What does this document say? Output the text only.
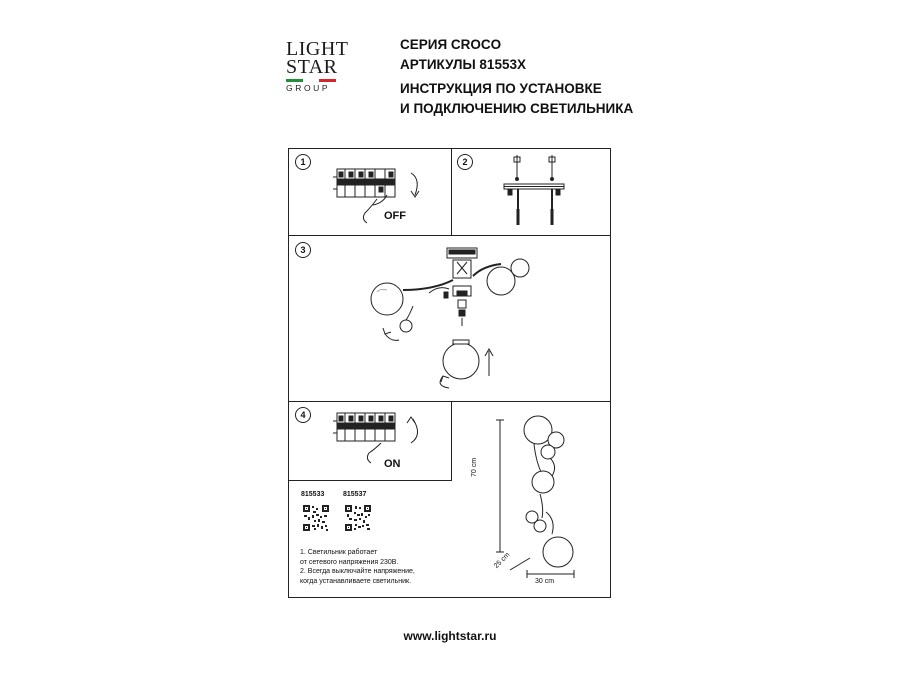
LIGHT
STAR
GROUP
СЕРИЯ CROCO
АРТИКУЛЫ 81553X
ИНСТРУКЦИЯ ПО УСТАНОВКЕ
И ПОДКЛЮЧЕНИЮ СВЕТИЛЬНИКА
1	2
3
4
OFF
ON	70 cm
25 cm
30 cm
815533	815537
1. Светильник работает
от сетевого напряжения 230В.
2. Всегда выключайте напряжение,
когда устанавливаете светильник.
www.lightstar.ru
